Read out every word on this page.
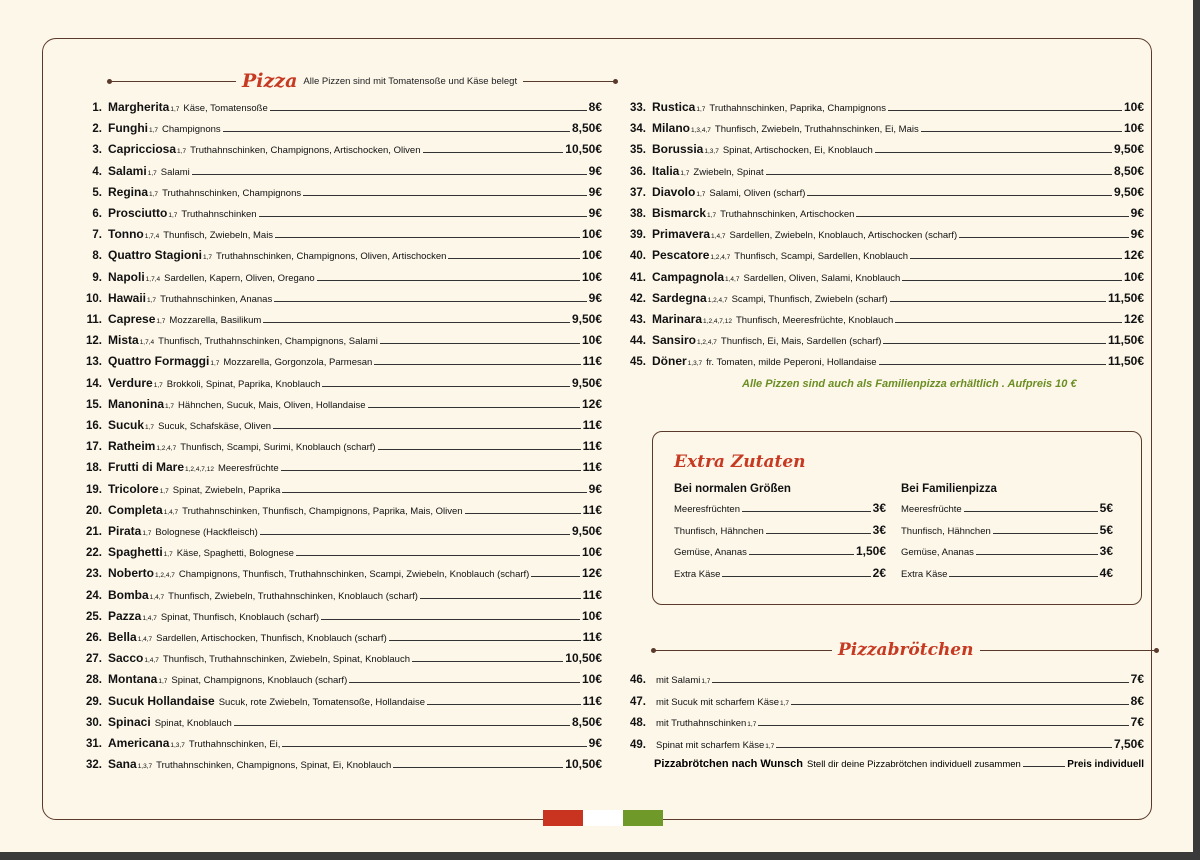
Pizza Alle Pizzen sind mit Tomatensoße und Käse belegt
1. Margherita 1,7 Käse, Tomatensoße	8€
2. Funghi 1,7 Champignons	8,50€
3. Capricciosa 1,7 Truthahnschinken, Champignons, Artischocken, Oliven	10,50€
4. Salami 1,7 Salami	9€
5. Regina 1,7 Truthahnschinken, Champignons	9€
6. Prosciutto 1,7 Truthahnschinken	9€
7. Tonno 1,7,4 Thunfisch, Zwiebeln, Mais	10€
8. Quattro Stagioni 1,7 Truthahnschinken, Champignons, Oliven, Artischocken	10€
9. Napoli 1,7,4 Sardellen, Kapern, Oliven, Oregano	10€
10. Hawaii 1,7 Truthahnschinken, Ananas	9€
11. Caprese 1,7 Mozzarella, Basilikum	9,50€
12. Mista 1,7,4 Thunfisch, Truthahnschinken, Champignons, Salami	10€
13. Quattro Formaggi 1,7 Mozzarella, Gorgonzola, Parmesan	11€
14. Verdure 1,7 Brokkoli, Spinat, Paprika, Knoblauch	9,50€
15. Manonina 1,7 Hähnchen, Sucuk, Mais, Oliven, Hollandaise	12€
16. Sucuk 1,7 Sucuk, Schafskäse, Oliven	11€
17. Ratheim 1,2,4,7 Thunfisch, Scampi, Surimi, Knoblauch (scharf)	11€
18. Frutti di Mare 1,2,4,7,12 Meeresfrüchte	11€
19. Tricolore 1,7 Spinat, Zwiebeln, Paprika	9€
20. Completa 1,4,7 Truthahnschinken, Thunfisch, Champignons, Paprika, Mais, Oliven	11€
21. Pirata 1,7 Bolognese (Hackfleisch)	9,50€
22. Spaghetti 1,7 Käse, Spaghetti, Bolognese	10€
23. Noberto 1,2,4,7 Champignons, Thunfisch, Truthahnschinken, Scampi, Zwiebeln, Knoblauch (scharf)	12€
24. Bomba 1,4,7 Thunfisch, Zwiebeln, Truthahnschinken, Knoblauch (scharf)	11€
25. Pazza 1,4,7 Spinat, Thunfisch, Knoblauch (scharf)	10€
26. Bella 1,4,7 Sardellen, Artischocken, Thunfisch, Knoblauch (scharf)	11€
27. Sacco 1,4,7 Thunfisch, Truthahnschinken, Zwiebeln, Spinat, Knoblauch	10,50€
28. Montana 1,7 Spinat, Champignons, Knoblauch (scharf)	10€
29. Sucuk Hollandaise Sucuk, rote Zwiebeln, Tomatensoße, Hollandaise	11€
30. Spinaci Spinat, Knoblauch	8,50€
31. Americana 1,3,7 Truthahnschinken, Ei,	9€
32. Sana 1,3,7 Truthahnschinken, Champignons, Spinat, Ei, Knoblauch	10,50€
33. Rustica 1,7 Truthahnschinken, Paprika, Champignons	10€
34. Milano 1,3,4,7 Thunfisch, Zwiebeln, Truthahnschinken, Ei, Mais	10€
35. Borussia 1,3,7 Spinat, Artischocken, Ei, Knoblauch	9,50€
36. Italia 1,7 Zwiebeln, Spinat	8,50€
37. Diavolo 1,7 Salami, Oliven (scharf)	9,50€
38. Bismarck 1,7 Truthahnschinken, Artischocken	9€
39. Primavera 1,4,7 Sardellen, Zwiebeln, Knoblauch, Artischocken (scharf)	9€
40. Pescatore 1,2,4,7 Thunfisch, Scampi, Sardellen, Knoblauch	12€
41. Campagnola 1,4,7 Sardellen, Oliven, Salami, Knoblauch	10€
42. Sardegna 1,2,4,7 Scampi, Thunfisch, Zwiebeln (scharf)	11,50€
43. Marinara 1,2,4,7,12 Thunfisch, Meeresfrüchte, Knoblauch	12€
44. Sansiro 1,2,4,7 Thunfisch, Ei, Mais, Sardellen (scharf)	11,50€
45. Döner 1,3,7 fr. Tomaten, milde Peperoni, Hollandaise	11,50€
Alle Pizzen sind auch als Familienpizza erhältlich . Aufpreis 10 €
Extra Zutaten
Bei normalen Größen	Bei Familienpizza
Meeresfrüchten	3€
Thunfisch, Hähnchen	3€
Gemüse, Ananas	1,50€
Extra Käse	2€
Meeresfrüchte	5€
Thunfisch, Hähnchen	5€
Gemüse, Ananas	3€
Extra Käse	4€
Pizzabrötchen
46. mit Salami 1,7	7€
47. mit Sucuk mit scharfem Käse 1,7	8€
48. mit Truthahnschinken 1,7	7€
49. Spinat mit scharfem Käse 1,7	7,50€
Pizzabrötchen nach Wunsch Stell dir deine Pizzabrötchen individuell zusammen	Preis individuell
